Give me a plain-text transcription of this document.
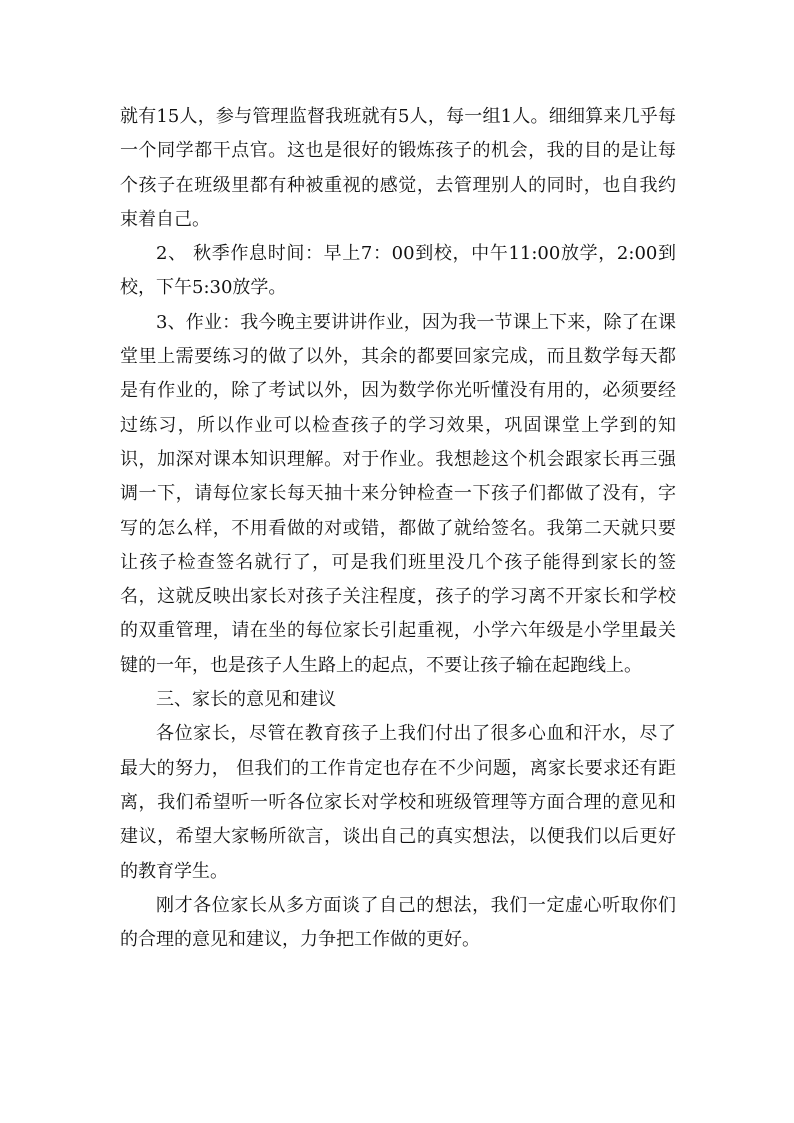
就有15人，参与管理监督我班就有5人，每一组1人。细细算来几乎每一个同学都干点官。这也是很好的锻炼孩子的机会，我的目的是让每个孩子在班级里都有种被重视的感觉，去管理别人的同时，也自我约束着自己。

2、 秋季作息时间：早上7：00到校，中午11:00放学，2:00到校，下午5:30放学。

3、作业：我今晚主要讲讲作业，因为我一节课上下来，除了在课堂里上需要练习的做了以外，其余的都要回家完成，而且数学每天都是有作业的，除了考试以外，因为数学你光听懂没有用的，必须要经过练习，所以作业可以检查孩子的学习效果，巩固课堂上学到的知识，加深对课本知识理解。对于作业。我想趁这个机会跟家长再三强调一下，请每位家长每天抽十来分钟检查一下孩子们都做了没有，字写的怎么样，不用看做的对或错，都做了就给签名。我第二天就只要让孩子检查签名就行了，可是我们班里没几个孩子能得到家长的签名，这就反映出家长对孩子关注程度，孩子的学习离不开家长和学校的双重管理，请在坐的每位家长引起重视，小学六年级是小学里最关键的一年，也是孩子人生路上的起点，不要让孩子输在起跑线上。

三、家长的意见和建议

各位家长，尽管在教育孩子上我们付出了很多心血和汗水，尽了最大的努力， 但我们的工作肯定也存在不少问题，离家长要求还有距离，我们希望听一听各位家长对学校和班级管理等方面合理的意见和建议，希望大家畅所欲言，谈出自己的真实想法，以便我们以后更好的教育学生。

刚才各位家长从多方面谈了自己的想法，我们一定虚心听取你们的合理的意见和建议，力争把工作做的更好。
